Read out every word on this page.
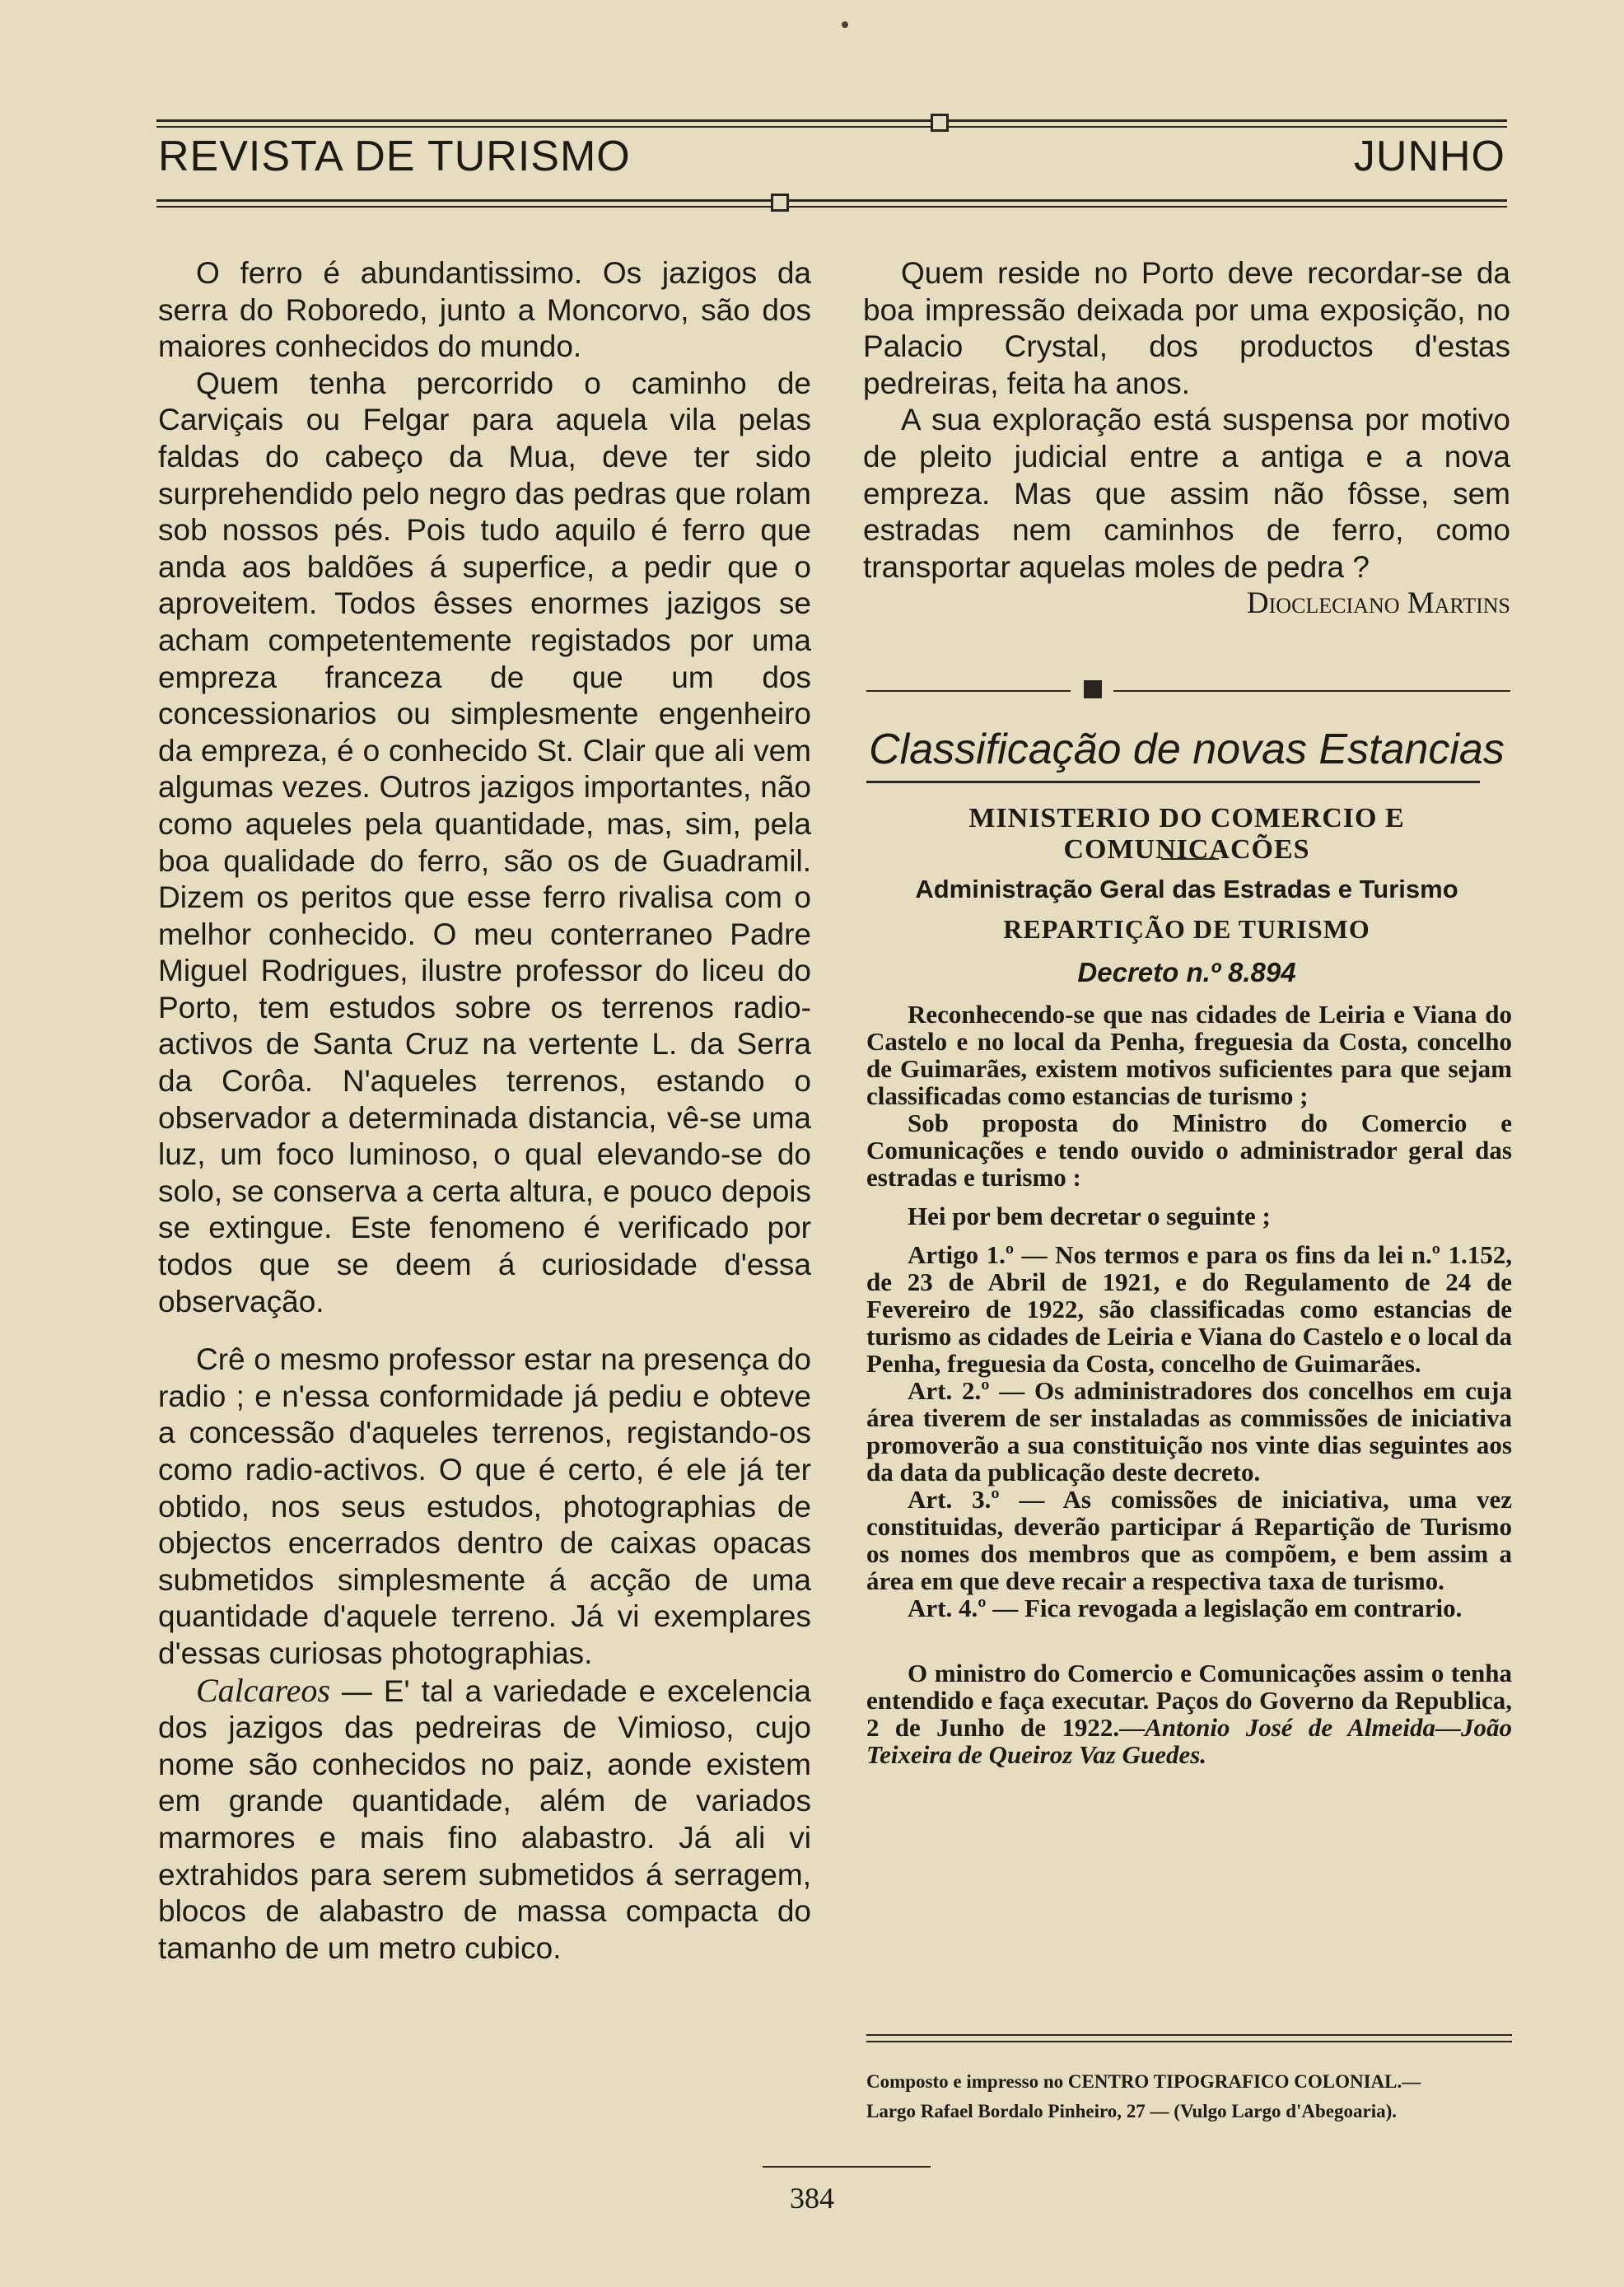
REVISTA DE TURISMO	JUNHO

O ferro é abundantissimo. Os jazigos da serra do Roboredo, junto a Moncorvo, são dos maiores conhecidos do mundo.

Quem tenha percorrido o caminho de Carviçais ou Felgar para aquela vila pelas faldas do cabeço da Mua, deve ter sido surprehendido pelo negro das pedras que rolam sob nossos pés. Pois tudo aquilo é ferro que anda aos baldões á superfice, a pedir que o aproveitem. Todos êsses enormes jazigos se acham competentemente registados por uma empreza franceza de que um dos concessionarios ou simplesmente engenheiro da empreza, é o conhecido St. Clair que ali vem algumas vezes. Outros jazigos importantes, não como aqueles pela quantidade, mas, sim, pela boa qualidade do ferro, são os de Guadramil. Dizem os peritos que esse ferro rivalisa com o melhor conhecido. O meu conterraneo Padre Miguel Rodrigues, ilustre professor do liceu do Porto, tem estudos sobre os terrenos radio-activos de Santa Cruz na vertente L. da Serra da Corôa. N'aqueles terrenos, estando o observador a determinada distancia, vê-se uma luz, um foco luminoso, o qual elevando-se do solo, se conserva a certa altura, e pouco depois se extingue. Este fenomeno é verificado por todos que se deem á curiosidade d'essa observação.

Crê o mesmo professor estar na presença do radio ; e n'essa conformidade já pediu e obteve a concessão d'aqueles terrenos, registando-os como radio-activos. O que é certo, é ele já ter obtido, nos seus estudos, photographias de objectos encerrados dentro de caixas opacas submetidos simplesmente á acção de uma quantidade d'aquele terreno. Já vi exemplares d'essas curiosas photographias.

Calcareos — E' tal a variedade e excelencia dos jazigos das pedreiras de Vimioso, cujo nome são conhecidos no paiz, aonde existem em grande quantidade, além de variados marmores e mais fino alabastro. Já ali vi extrahidos para serem submetidos á serragem, blocos de alabastro de massa compacta do tamanho de um metro cubico.

Quem reside no Porto deve recordar-se da boa impressão deixada por uma exposição, no Palacio Crystal, dos productos d'estas pedreiras, feita ha anos.

A sua exploração está suspensa por motivo de pleito judicial entre a antiga e a nova empreza. Mas que assim não fôsse, sem estradas nem caminhos de ferro, como transportar aquelas moles de pedra ?

Diocleciano Martins

Classificação de novas Estancias
MINISTERIO DO COMERCIO E COMUNICACÕES
Administração Geral das Estradas e Turismo
REPARTIÇÃO DE TURISMO
Decreto n.º 8.894

Reconhecendo-se que nas cidades de Leiria e Viana do Castelo e no local da Penha, freguesia da Costa, concelho de Guimarães, existem motivos suficientes para que sejam classificadas como estancias de turismo ;

Sob proposta do Ministro do Comercio e Comunicações e tendo ouvido o administrador geral das estradas e turismo :

Hei por bem decretar o seguinte ;

Artigo 1.º — Nos termos e para os fins da lei n.º 1.152, de 23 de Abril de 1921, e do Regulamento de 24 de Fevereiro de 1922, são classificadas como estancias de turismo as cidades de Leiria e Viana do Castelo e o local da Penha, freguesia da Costa, concelho de Guimarães.

Art. 2.º — Os administradores dos concelhos em cuja área tiverem de ser instaladas as commissões de iniciativa promoverão a sua constituição nos vinte dias seguintes aos da data da publicação deste decreto.

Art. 3.º — As comissões de iniciativa, uma vez constituidas, deverão participar á Repartição de Turismo os nomes dos membros que as compõem, e bem assim a área em que deve recair a respectiva taxa de turismo.

Art. 4.º — Fica revogada a legislação em contrario.

O ministro do Comercio e Comunicações assim o tenha entendido e faça executar. Paços do Governo da Republica, 2 de Junho de 1922.—Antonio José de Almeida—João Teixeira de Queiroz Vaz Guedes.

Composto e impresso no CENTRO TIPOGRAFICO COLONIAL.—
Largo Rafael Bordalo Pinheiro, 27 — (Vulgo Largo d'Abegoaria).
384
